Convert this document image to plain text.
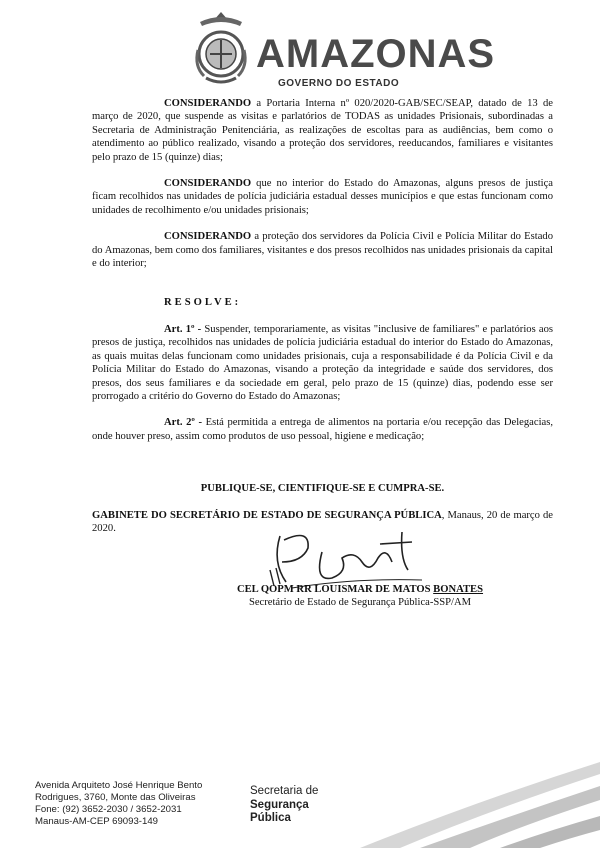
AMAZONAS
GOVERNO DO ESTADO

CONSIDERANDO a Portaria Interna nº 020/2020-GAB/SEC/SEAP, datado de 13 de março de 2020, que suspende as visitas e parlatórios de TODAS as unidades Prisionais, subordinadas a Secretaria de Administração Penitenciária, as realizações de escoltas para as audiências, bem como o atendimento ao público realizado, visando a proteção dos servidores, reeducandos, familiares e visitantes pelo prazo de 15 (quinze) dias;

CONSIDERANDO que no interior do Estado do Amazonas, alguns presos de justiça ficam recolhidos nas unidades de polícia judiciária estadual desses municípios e que estas funcionam como unidades de recolhimento e/ou unidades prisionais;

CONSIDERANDO a proteção dos servidores da Polícia Civil e Polícia Militar do Estado do Amazonas, bem como dos familiares, visitantes e dos presos recolhidos nas unidades prisionais da capital e do interior;

RESOLVE:

Art. 1º - Suspender, temporariamente, as visitas "inclusive de familiares" e parlatórios aos presos de justiça, recolhidos nas unidades de polícia judiciária estadual do interior do Estado do Amazonas, as quais muitas delas funcionam como unidades prisionais, cuja a responsabilidade é da Polícia Civil e da Polícia Militar do Estado do Amazonas, visando a proteção da integridade e saúde dos servidores, dos presos, dos seus familiares e da sociedade em geral, pelo prazo de 15 (quinze) dias, podendo esse ser prorrogado a critério do Governo do Estado do Amazonas;

Art. 2º - Está permitida a entrega de alimentos na portaria e/ou recepção das Delegacias, onde houver preso, assim como produtos de uso pessoal, higiene e medicação;

PUBLIQUE-SE, CIENTIFIQUE-SE E CUMPRA-SE.

GABINETE DO SECRETÁRIO DE ESTADO DE SEGURANÇA PÚBLICA, Manaus, 20 de março de 2020.

CEL QOPM RR LOUISMAR DE MATOS BONATES
Secretário de Estado de Segurança Pública-SSP/AM
Avenida Arquiteto José Henrique Bento
Rodrigues, 3760, Monte das Oliveiras
Fone: (92) 3652-2030 / 3652-2031
Manaus-AM-CEP 69093-149
Secretaria de
Segurança
Pública
